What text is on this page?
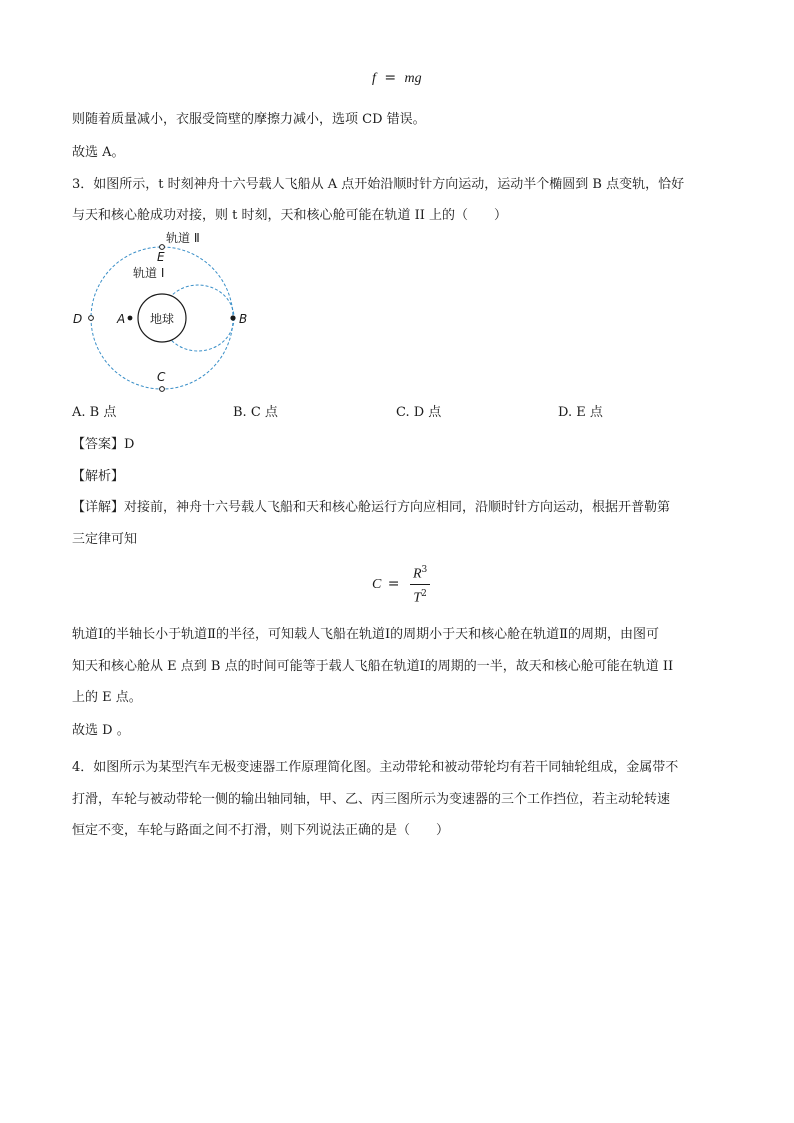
f = mg
则随着质量减小，衣服受筒壁的摩擦力减小，选项 CD 错误。
故选 A。
3．如图所示，t 时刻神舟十六号载人飞船从 A 点开始沿顺时针方向运动，运动半个椭圆到 B 点变轨，恰好
与天和核心舱成功对接，则 t 时刻，天和核心舱可能在轨道 II 上的（　　）
地球
轨道 Ⅱ
E
轨道 Ⅰ
D	A	B
C
A. B 点	B. C 点	C. D 点	D. E 点
【答案】D
【解析】
【详解】对接前，神舟十六号载人飞船和天和核心舱运行方向应相同，沿顺时针方向运动，根据开普勒第
三定律可知
$C = \frac{R^3}{T^2}$
轨道Ⅰ的半轴长小于轨道Ⅱ的半径，可知载人飞船在轨道Ⅰ的周期小于天和核心舱在轨道Ⅱ的周期，由图可
知天和核心舱从 E 点到 B 点的时间可能等于载人飞船在轨道Ⅰ的周期的一半，故天和核心舱可能在轨道 II
上的 E 点。
故选 D 。
4．如图所示为某型汽车无极变速器工作原理简化图。主动带轮和被动带轮均有若干同轴轮组成，金属带不
打滑，车轮与被动带轮一侧的输出轴同轴，甲、乙、丙三图所示为变速器的三个工作挡位，若主动轮转速
恒定不变，车轮与路面之间不打滑，则下列说法正确的是（　　）
